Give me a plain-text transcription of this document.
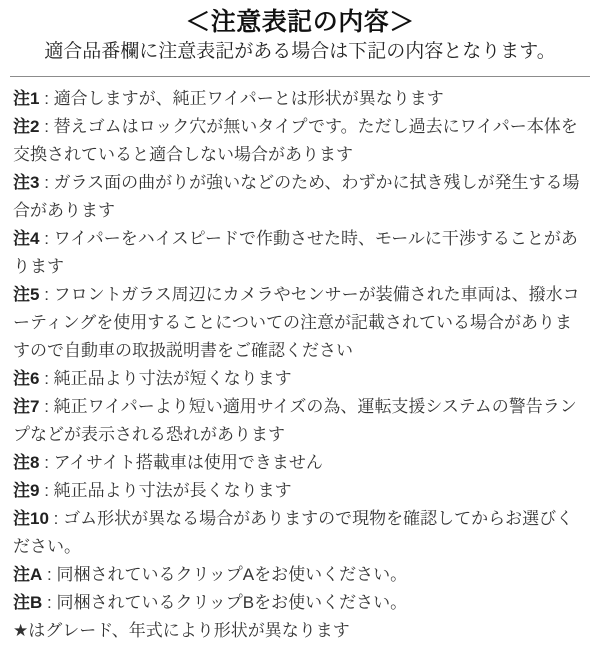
＜注意表記の内容＞

適合品番欄に注意表記がある場合は下記の内容となります。

注1 : 適合しますが、純正ワイパーとは形状が異なります

注2 : 替えゴムはロック穴が無いタイプです。ただし過去にワイパー本体を交換されていると適合しない場合があります

注3 : ガラス面の曲がりが強いなどのため、わずかに拭き残しが発生する場合があります

注4 : ワイパーをハイスピードで作動させた時、モールに干渉することがあります

注5 : フロントガラス周辺にカメラやセンサーが装備された車両は、撥水コーティングを使用することについての注意が記載されている場合がありますので自動車の取扱説明書をご確認ください

注6 : 純正品より寸法が短くなります

注7 : 純正ワイパーより短い適用サイズの為、運転支援システムの警告ランプなどが表示される恐れがあります

注8 : アイサイト搭載車は使用できません

注9 : 純正品より寸法が長くなります

注10 : ゴム形状が異なる場合がありますので現物を確認してからお選びください。

注A : 同梱されているクリップAをお使いください。

注B : 同梱されているクリップBをお使いください。

★はグレード、年式により形状が異なります
